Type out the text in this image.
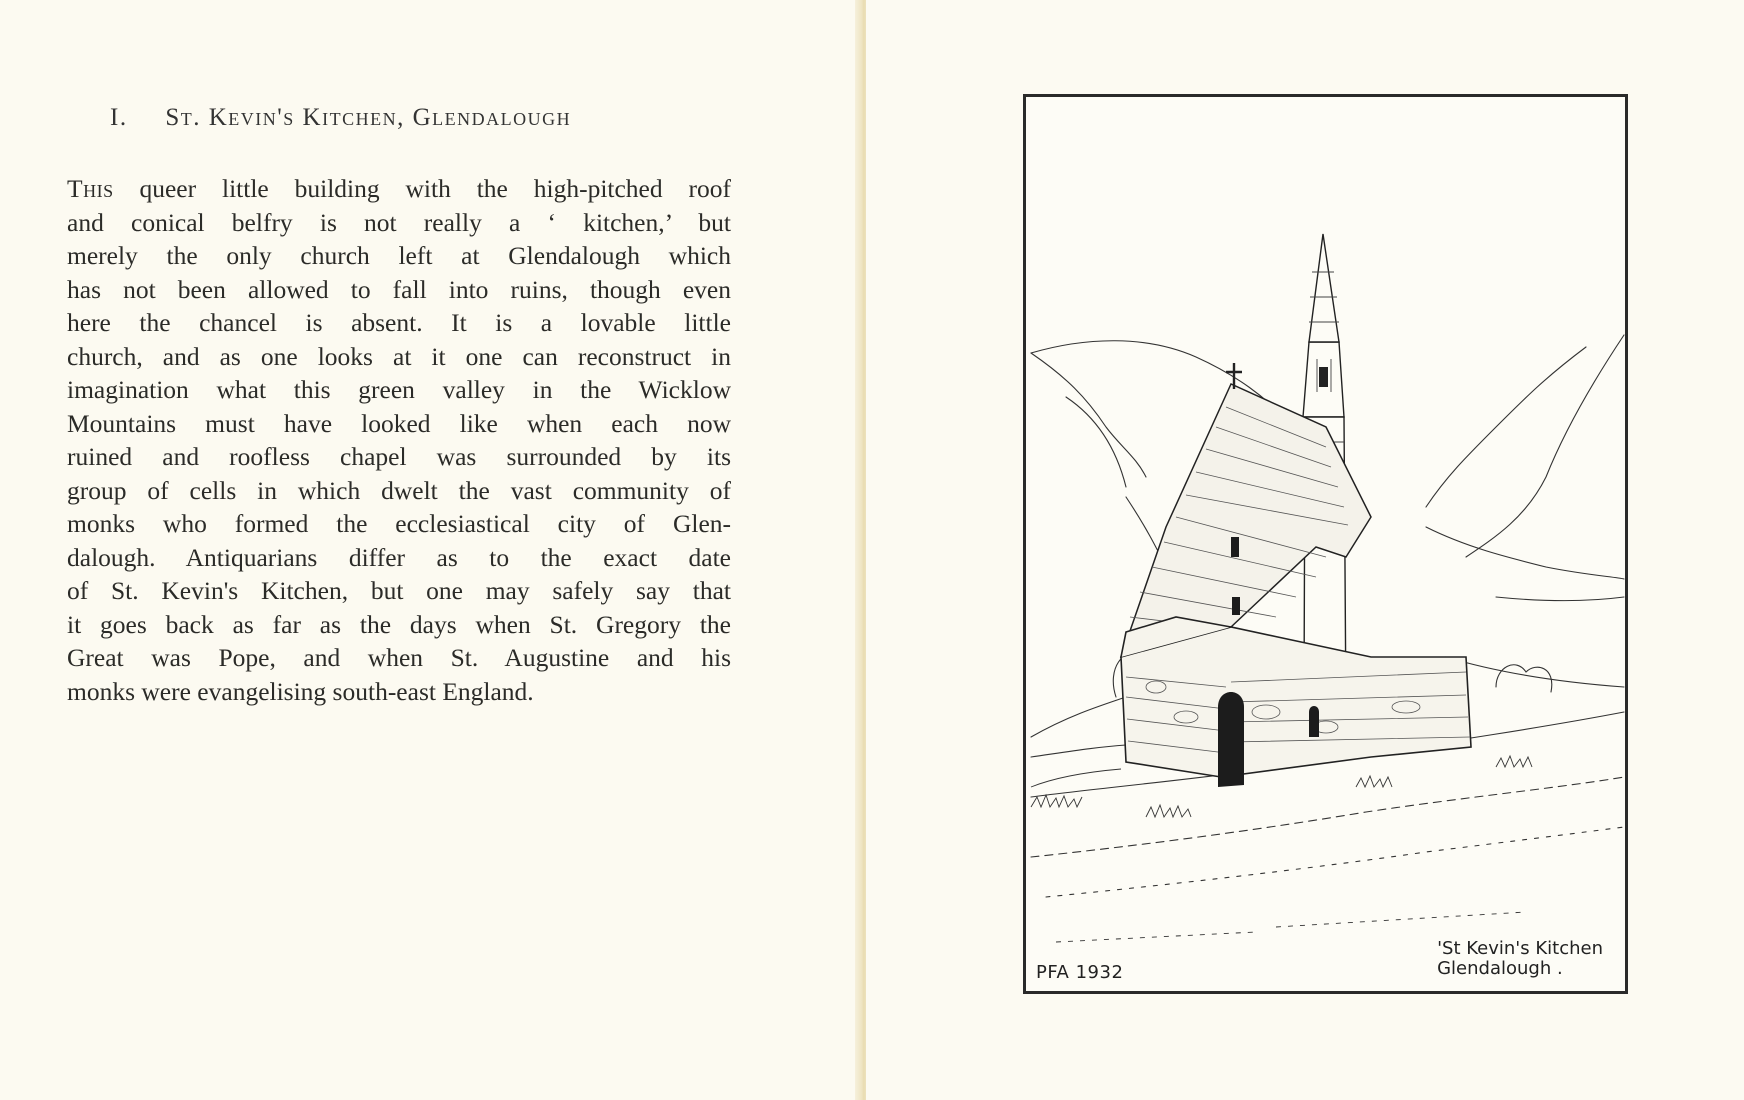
I. St. Kevin's Kitchen, Glendalough
This queer little building with the high-pitched roof
and conical belfry is not really a ‘ kitchen,’ but
merely the only church left at Glendalough which
has not been allowed to fall into ruins, though even
here the chancel is absent. It is a lovable little
church, and as one looks at it one can reconstruct in
imagination what this green valley in the Wicklow
Mountains must have looked like when each now
ruined and roofless chapel was surrounded by its
group of cells in which dwelt the vast community of
monks who formed the ecclesiastical city of Glen-
dalough. Antiquarians differ as to the exact date
of St. Kevin's Kitchen, but one may safely say that
it goes back as far as the days when St. Gregory the
Great was Pope, and when St. Augustine and his
monks were evangelising south-east England.
PFA 1932
'St Kevin's Kitchen
Glendalough .
